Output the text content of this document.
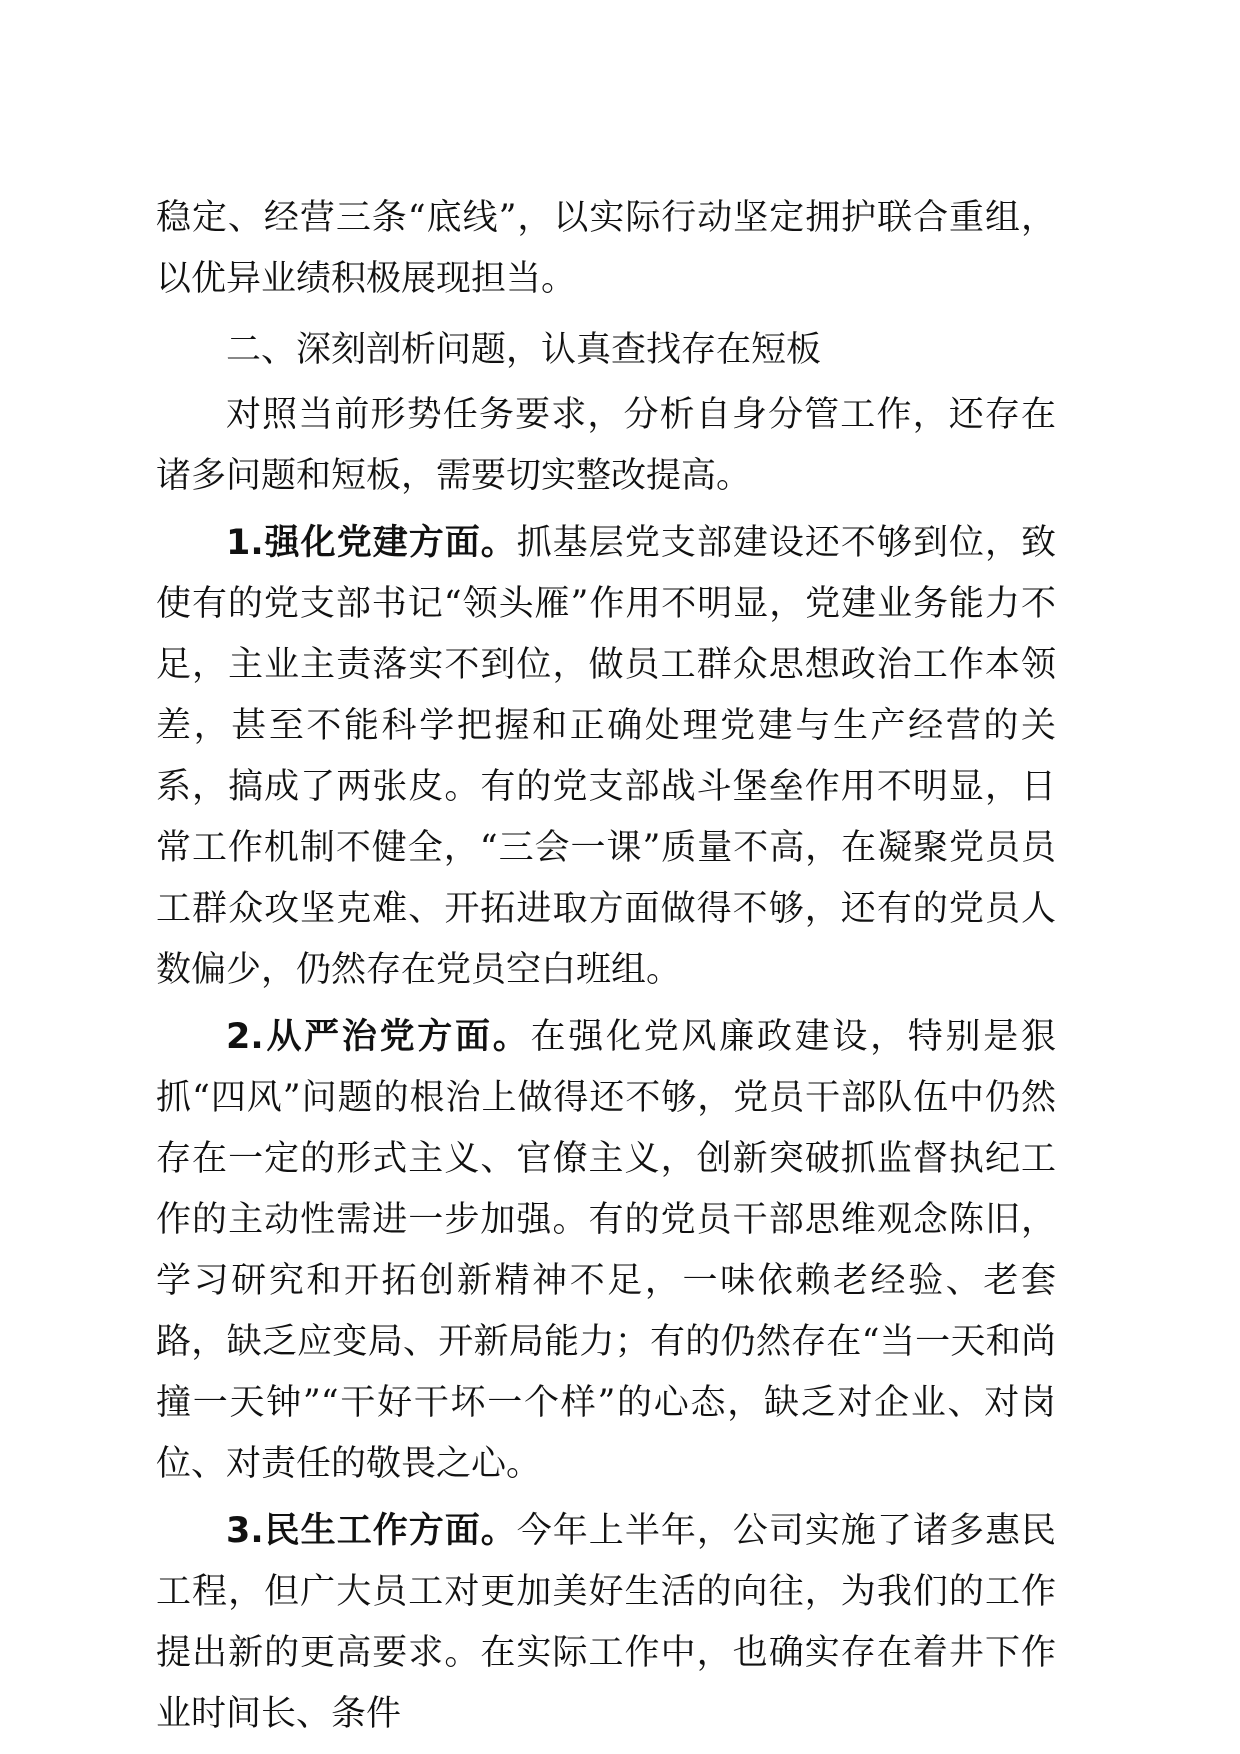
稳定、经营三条“底线”，以实际行动坚定拥护联合重组，以优异业绩积极展现担当。

二、深刻剖析问题，认真查找存在短板

对照当前形势任务要求，分析自身分管工作，还存在诸多问题和短板，需要切实整改提高。

1.强化党建方面。抓基层党支部建设还不够到位，致使有的党支部书记“领头雁”作用不明显，党建业务能力不足，主业主责落实不到位，做员工群众思想政治工作本领差，甚至不能科学把握和正确处理党建与生产经营的关系，搞成了两张皮。有的党支部战斗堡垒作用不明显，日常工作机制不健全，“三会一课”质量不高，在凝聚党员员工群众攻坚克难、开拓进取方面做得不够，还有的党员人数偏少，仍然存在党员空白班组。

2.从严治党方面。在强化党风廉政建设，特别是狠抓“四风”问题的根治上做得还不够，党员干部队伍中仍然存在一定的形式主义、官僚主义，创新突破抓监督执纪工作的主动性需进一步加强。有的党员干部思维观念陈旧，学习研究和开拓创新精神不足，一味依赖老经验、老套路，缺乏应变局、开新局能力；有的仍然存在“当一天和尚撞一天钟”“干好干坏一个样”的心态，缺乏对企业、对岗位、对责任的敬畏之心。

3.民生工作方面。今年上半年，公司实施了诸多惠民工程，但广大员工对更加美好生活的向往，为我们的工作提出新的更高要求。在实际工作中，也确实存在着井下作业时间长、条件
